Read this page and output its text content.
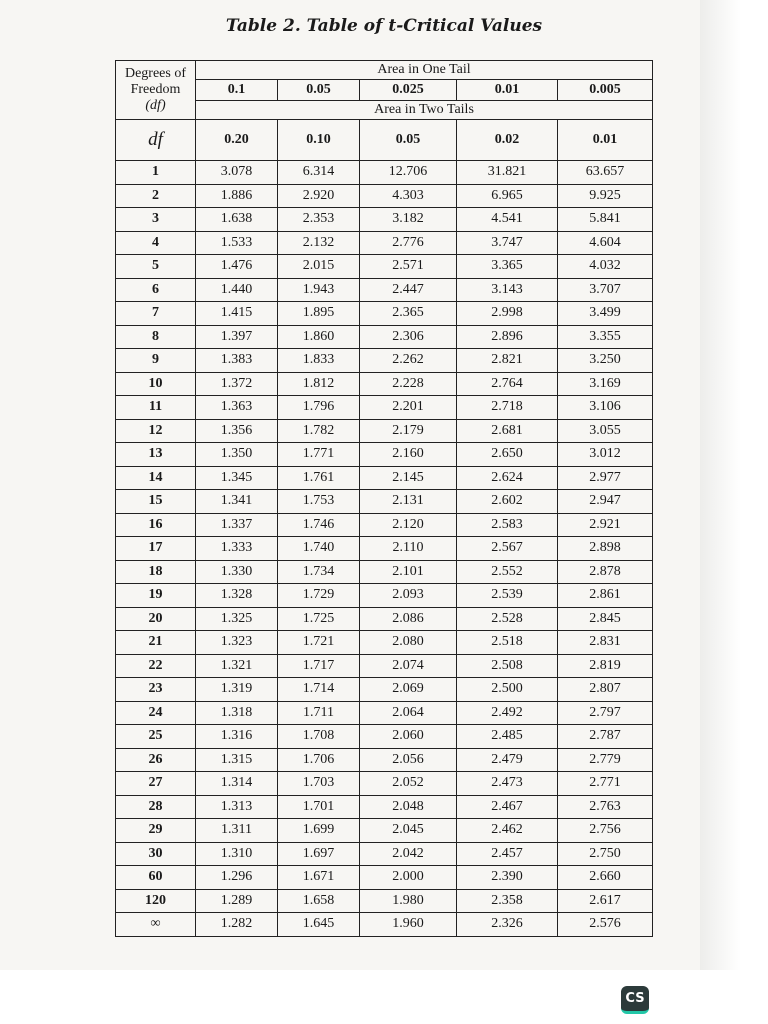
Table 2. Table of t-Critical Values
Degrees of
Freedom
(df)	Area in One Tail				
	0.1	0.05	0.025	0.01	0.005
	Area in Two Tails				
df	0.20	0.10	0.05	0.02	0.01
1	3.078	6.314	12.706	31.821	63.657
2	1.886	2.920	4.303	6.965	9.925
3	1.638	2.353	3.182	4.541	5.841
4	1.533	2.132	2.776	3.747	4.604
5	1.476	2.015	2.571	3.365	4.032
6	1.440	1.943	2.447	3.143	3.707
7	1.415	1.895	2.365	2.998	3.499
8	1.397	1.860	2.306	2.896	3.355
9	1.383	1.833	2.262	2.821	3.250
10	1.372	1.812	2.228	2.764	3.169
11	1.363	1.796	2.201	2.718	3.106
12	1.356	1.782	2.179	2.681	3.055
13	1.350	1.771	2.160	2.650	3.012
14	1.345	1.761	2.145	2.624	2.977
15	1.341	1.753	2.131	2.602	2.947
16	1.337	1.746	2.120	2.583	2.921
17	1.333	1.740	2.110	2.567	2.898
18	1.330	1.734	2.101	2.552	2.878
19	1.328	1.729	2.093	2.539	2.861
20	1.325	1.725	2.086	2.528	2.845
21	1.323	1.721	2.080	2.518	2.831
22	1.321	1.717	2.074	2.508	2.819
23	1.319	1.714	2.069	2.500	2.807
24	1.318	1.711	2.064	2.492	2.797
25	1.316	1.708	2.060	2.485	2.787
26	1.315	1.706	2.056	2.479	2.779
27	1.314	1.703	2.052	2.473	2.771
28	1.313	1.701	2.048	2.467	2.763
29	1.311	1.699	2.045	2.462	2.756
30	1.310	1.697	2.042	2.457	2.750
60	1.296	1.671	2.000	2.390	2.660
120	1.289	1.658	1.980	2.358	2.617
∞	1.282	1.645	1.960	2.326	2.576
CS
